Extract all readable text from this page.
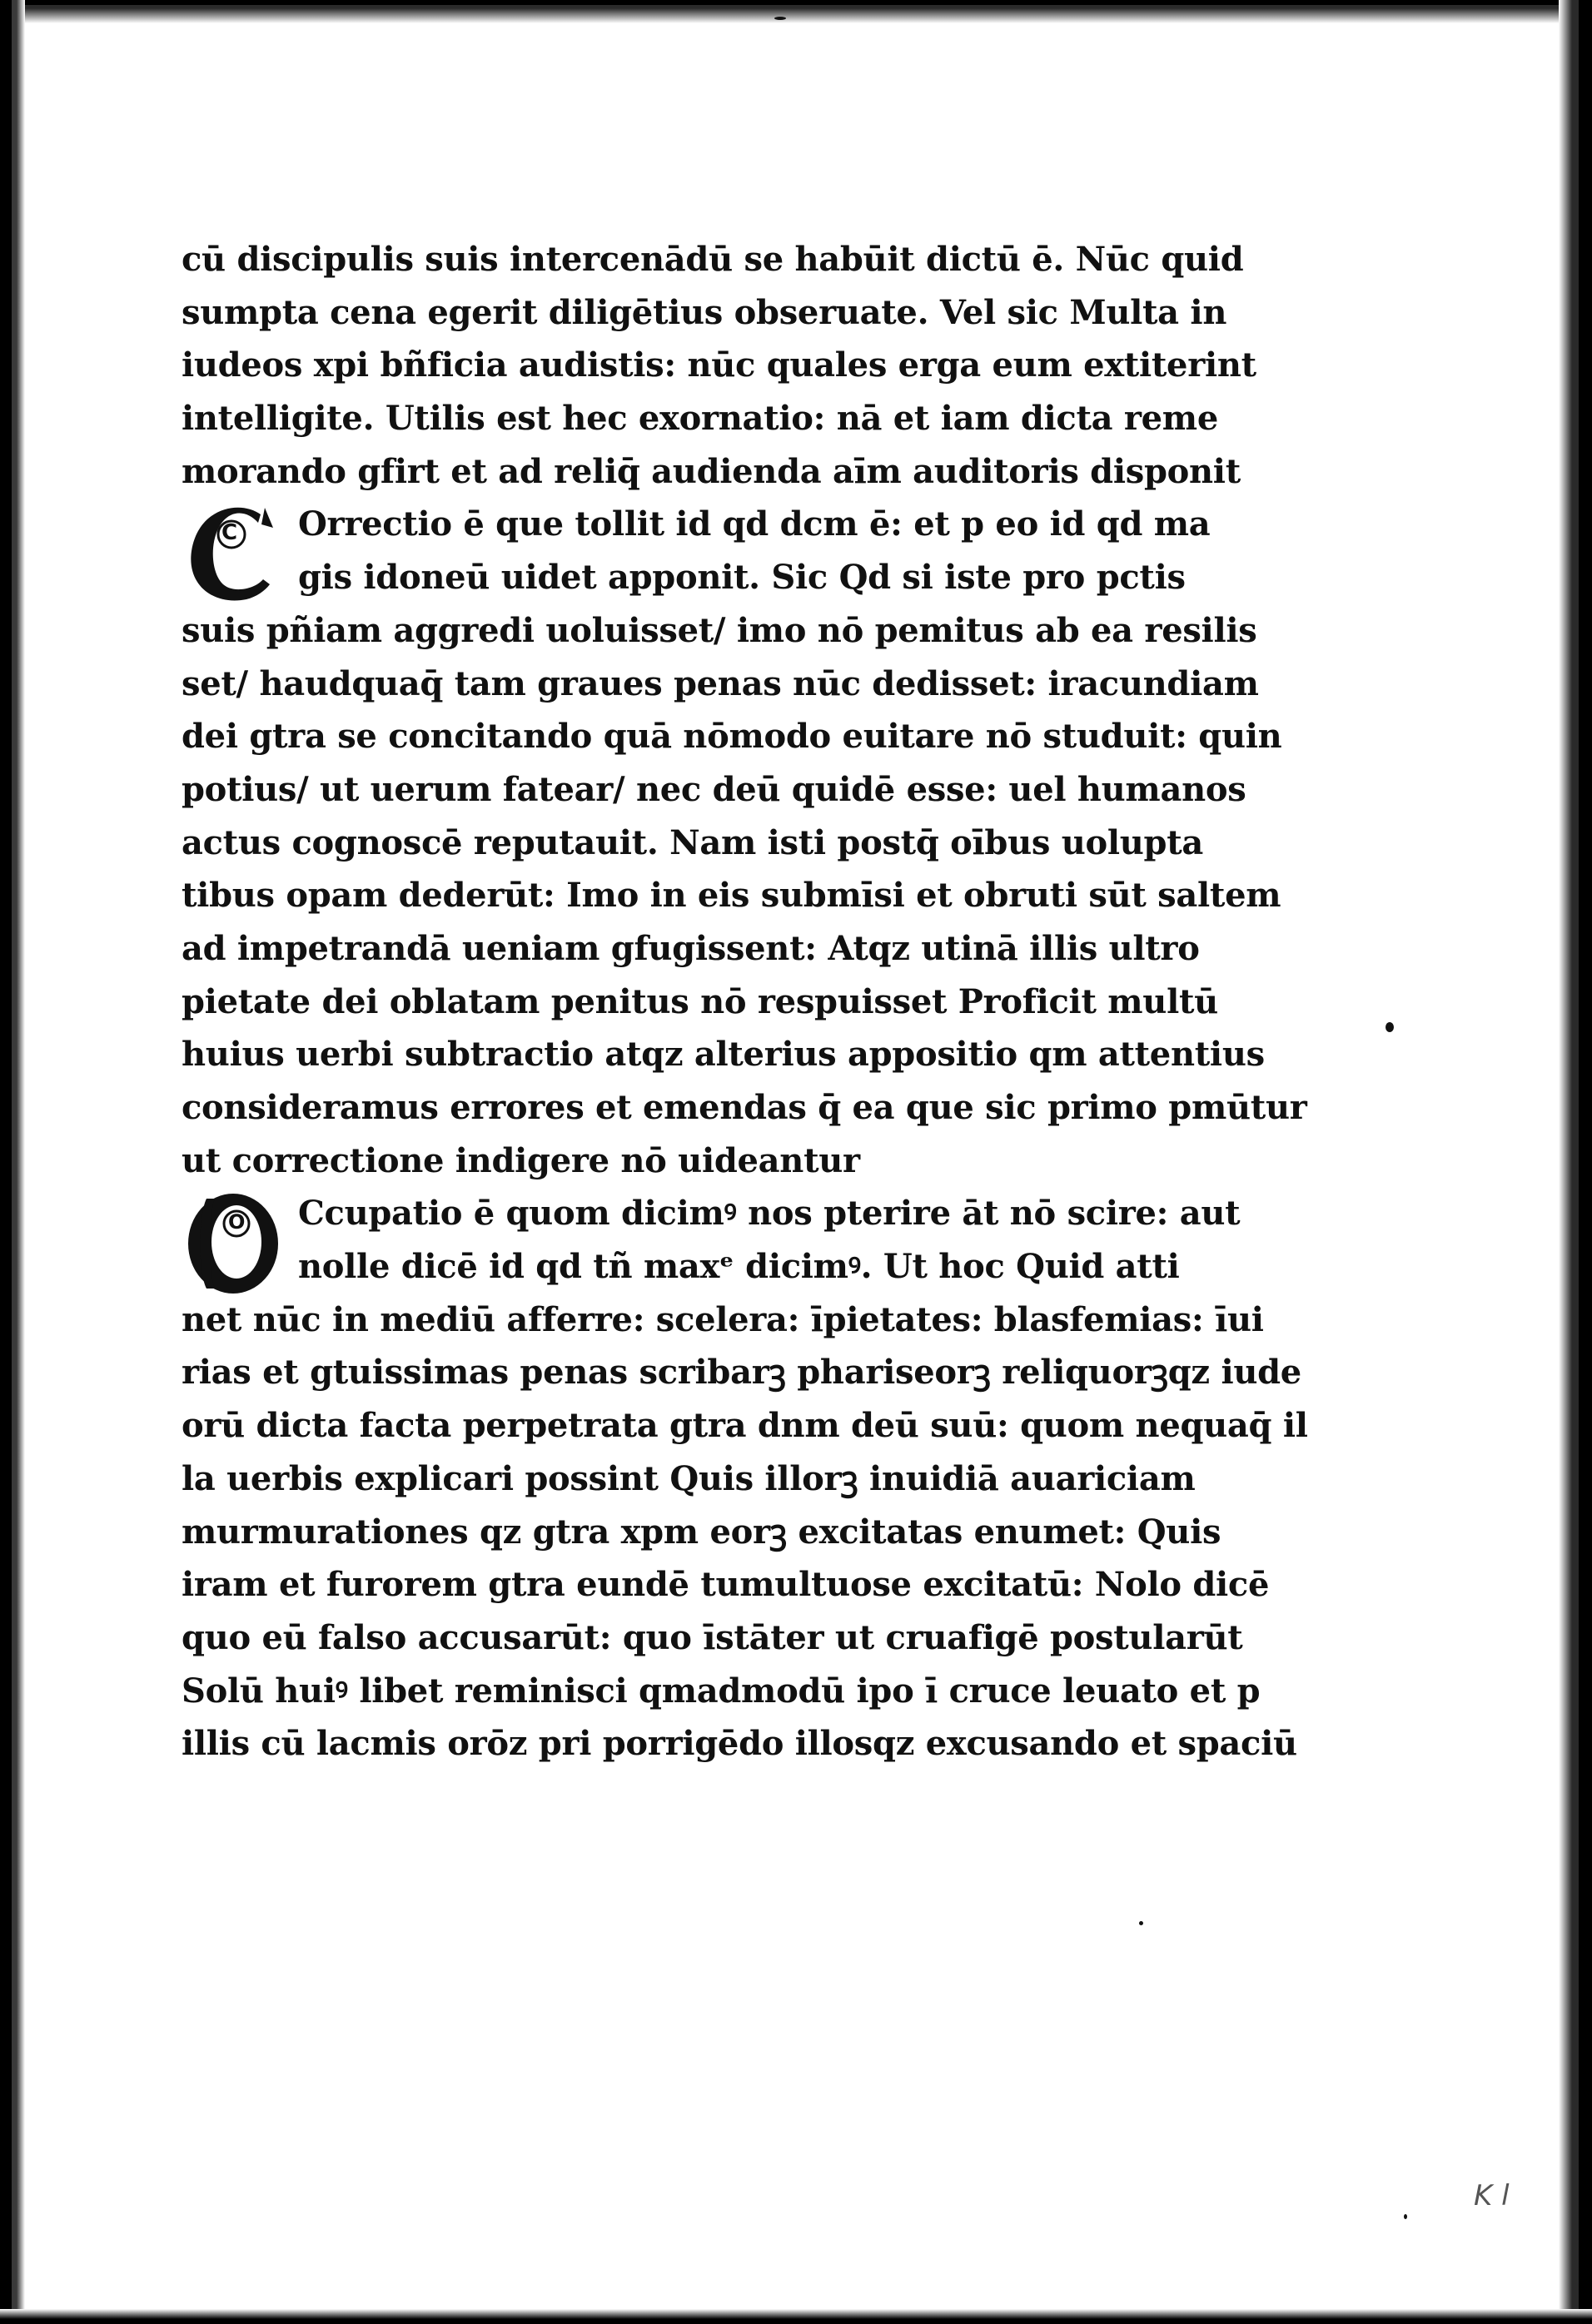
cū discipulis suis intercenādū se habūit dictū ē. Nūc quid
sumpta cena egerit diligētius obseruate. Vel sic Multa in
iudeos xpi bñficia audistis: nūc quales erga eum extiterint
intelligite. Utilis est hec exornatio: nā et iam dicta reme
morando gfirt et ad reliq̄ audienda aīm auditoris disponit
C	Orrectio ē que tollit id qd dcm ē: et p eo id qd ma
gis idoneū uidet apponit. Sic Qd si iste pro pctis
suis pñiam aggredi uoluisset/ imo nō pemitus ab ea resilis
set/ haudquaq̄ tam graues penas nūc dedisset: iracundiam
dei gtra se concitando quā nōmodo euitare nō studuit: quin
potius/ ut uerum fatear/ nec deū quidē esse: uel humanos
actus cognoscē reputauit. Nam isti postq̄ oībus uolupta
tibus opam dederūt: Imo in eis submīsi et obruti sūt saltem
ad impetrandā ueniam gfugissent: Atqz utinā illis ultro
pietate dei oblatam penitus nō respuisset Proficit multū
huius uerbi subtractio atqz alterius appositio qm attentius
consideramus errores et emendas q̄ ea que sic primo pmūtur
ut correctione indigere nō uideantur
O	Ccupatio ē quom dicimꝰ nos pterire āt nō scire: aut
nolle dicē id qd tñ maxᵉ dicimꝰ. Ut hoc Quid atti
net nūc in mediū afferre: scelera: īpietates: blasfemias: īui
rias et gtuissimas penas scribarꝫ phariseorꝫ reliquorꝫqz iude
orū dicta facta perpetrata gtra dnm deū suū: quom nequaq̄ il
la uerbis explicari possint Quis illorꝫ inuidiā auariciam
murmurationes qz gtra xpm eorꝫ excitatas enumet: Quis
iram et furorem gtra eundē tumultuose excitatū: Nolo dicē
quo eū falso accusarūt: quo īstāter ut cruafigē postularūt
Solū huiꝰ libet reminisci qmadmodū ipo ī cruce leuato et p
illis cū lacmis orōz pri porrigēdo illosqz excusando et spaciū
K l
